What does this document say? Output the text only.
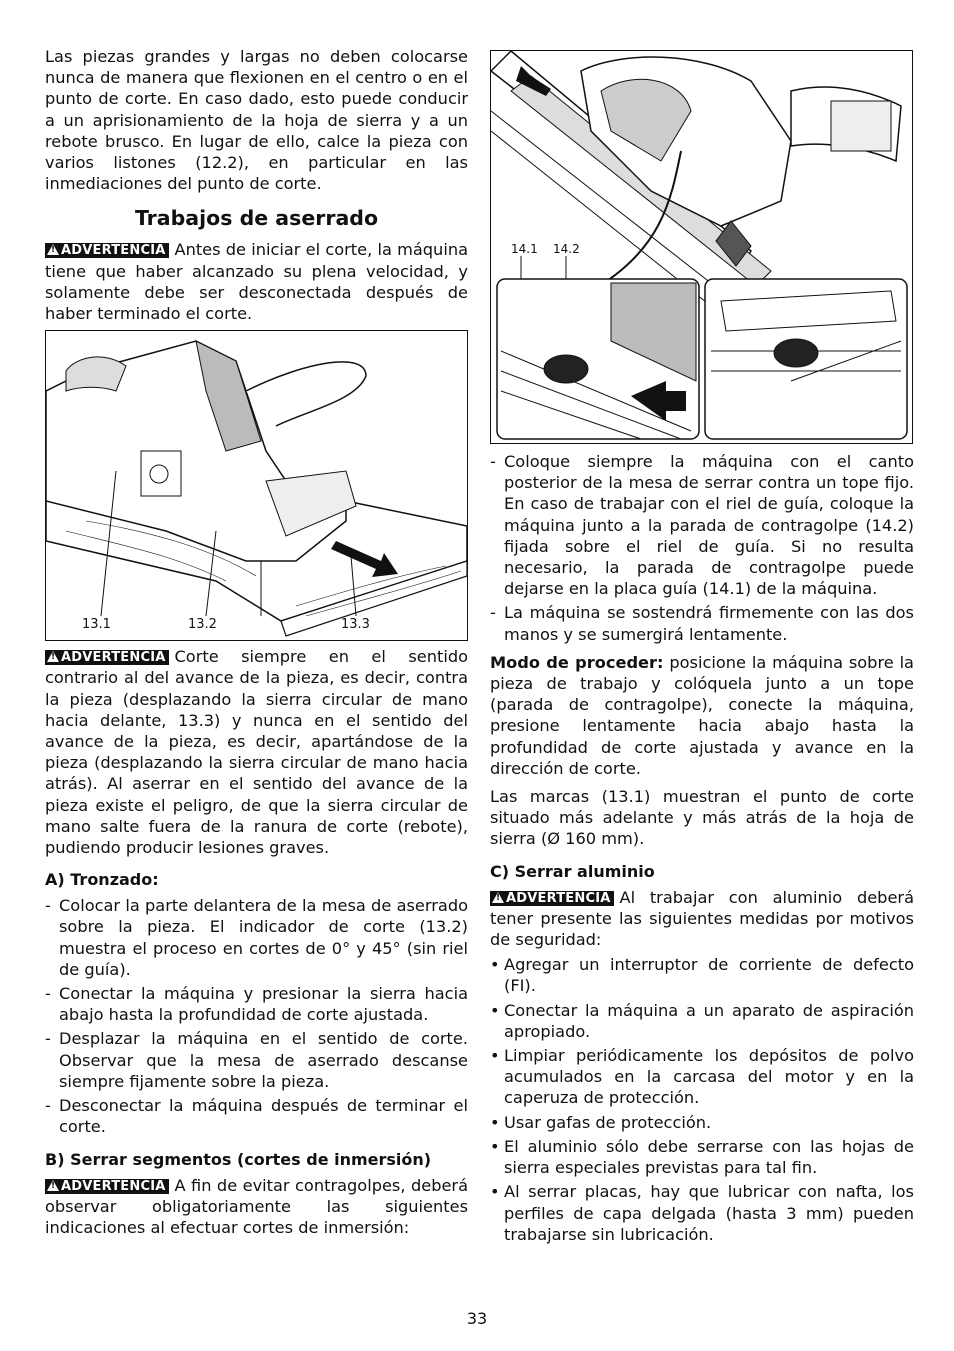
Las piezas grandes y largas no deben colocarse nunca de manera que flexionen en el centro o en el punto de corte. En caso dado, esto puede conducir a un aprisionamiento de la hoja de sierra y a un rebote brusco. En lugar de ello, calce la pieza con varios listones (12.2), en particular en las inmediaciones del punto de corte.

Trabajos de aserrado

!ADVERTENCIA Antes de iniciar el corte, la máquina tiene que haber alcanzado su plena velocidad, y solamente debe ser desconectada después de haber terminado el corte.

13.1	13.2	13.3

!ADVERTENCIA Corte siempre en el sentido contrario al del avance de la pieza, es decir, contra la pieza (desplazando la sierra circular de mano hacia delante, 13.3) y nunca en el sentido del avance de la pieza, es decir, apartándose de la pieza (desplazando la sierra circular de mano hacia atrás). Al aserrar en el sentido del avance de la pieza existe el peligro, de que la sierra circular de mano salte fuera de la ranura de corte (rebote), pudiendo producir lesiones graves.

A) Tronzado:
- Colocar la parte delantera de la mesa de aserrado sobre la pieza. El indicador de corte (13.2) muestra el proceso en cortes de 0° y 45° (sin riel de guía).
- Conectar la máquina y presionar la sierra hacia abajo hasta la profundidad de corte ajustada.
- Desplazar la máquina en el sentido de corte. Observar que la mesa de aserrado descanse siempre fijamente sobre la pieza.
- Desconectar la máquina después de terminar el corte.
B) Serrar segmentos (cortes de inmersión)

!ADVERTENCIA A fin de evitar contragolpes, deberá observar obligatoriamente las siguientes indicaciones al efectuar cortes de inmersión:

14.1 14.2
- Coloque siempre la máquina con el canto posterior de la mesa de serrar contra un tope fijo. En caso de trabajar con el riel de guía, coloque la máquina junto a la parada de contragolpe (14.2) fijada sobre el riel de guía. Si no resulta necesario, la parada de contragolpe puede dejarse en la placa guía (14.1) de la máquina.
- La máquina se sostendrá firmemente con las dos manos y se sumergirá lentamente.

Modo de proceder: posicione la máquina sobre la pieza de trabajo y colóquela junto a un tope (parada de contragolpe), conecte la máquina, presione lentamente hacia abajo hasta la profundidad de corte ajustada y avance en la dirección de corte.

Las marcas (13.1) muestran el punto de corte situado más adelante y más atrás de la hoja de sierra (Ø 160 mm).

C) Serrar aluminio

!ADVERTENCIA Al trabajar con aluminio deberá tener presente las siguientes medidas por motivos de seguridad:

• Agregar un interruptor de corriente de defecto (FI).
• Conectar la máquina a un aparato de aspiración apropiado.
• Limpiar periódicamente los depósitos de polvo acumulados en la carcasa del motor y en la caperuza de protección.
• Usar gafas de protección.
• El aluminio sólo debe serrarse con las hojas de sierra especiales previstas para tal fin.
• Al serrar placas, hay que lubricar con nafta, los perfiles de capa delgada (hasta 3 mm) pueden trabajarse sin lubricación.
33
